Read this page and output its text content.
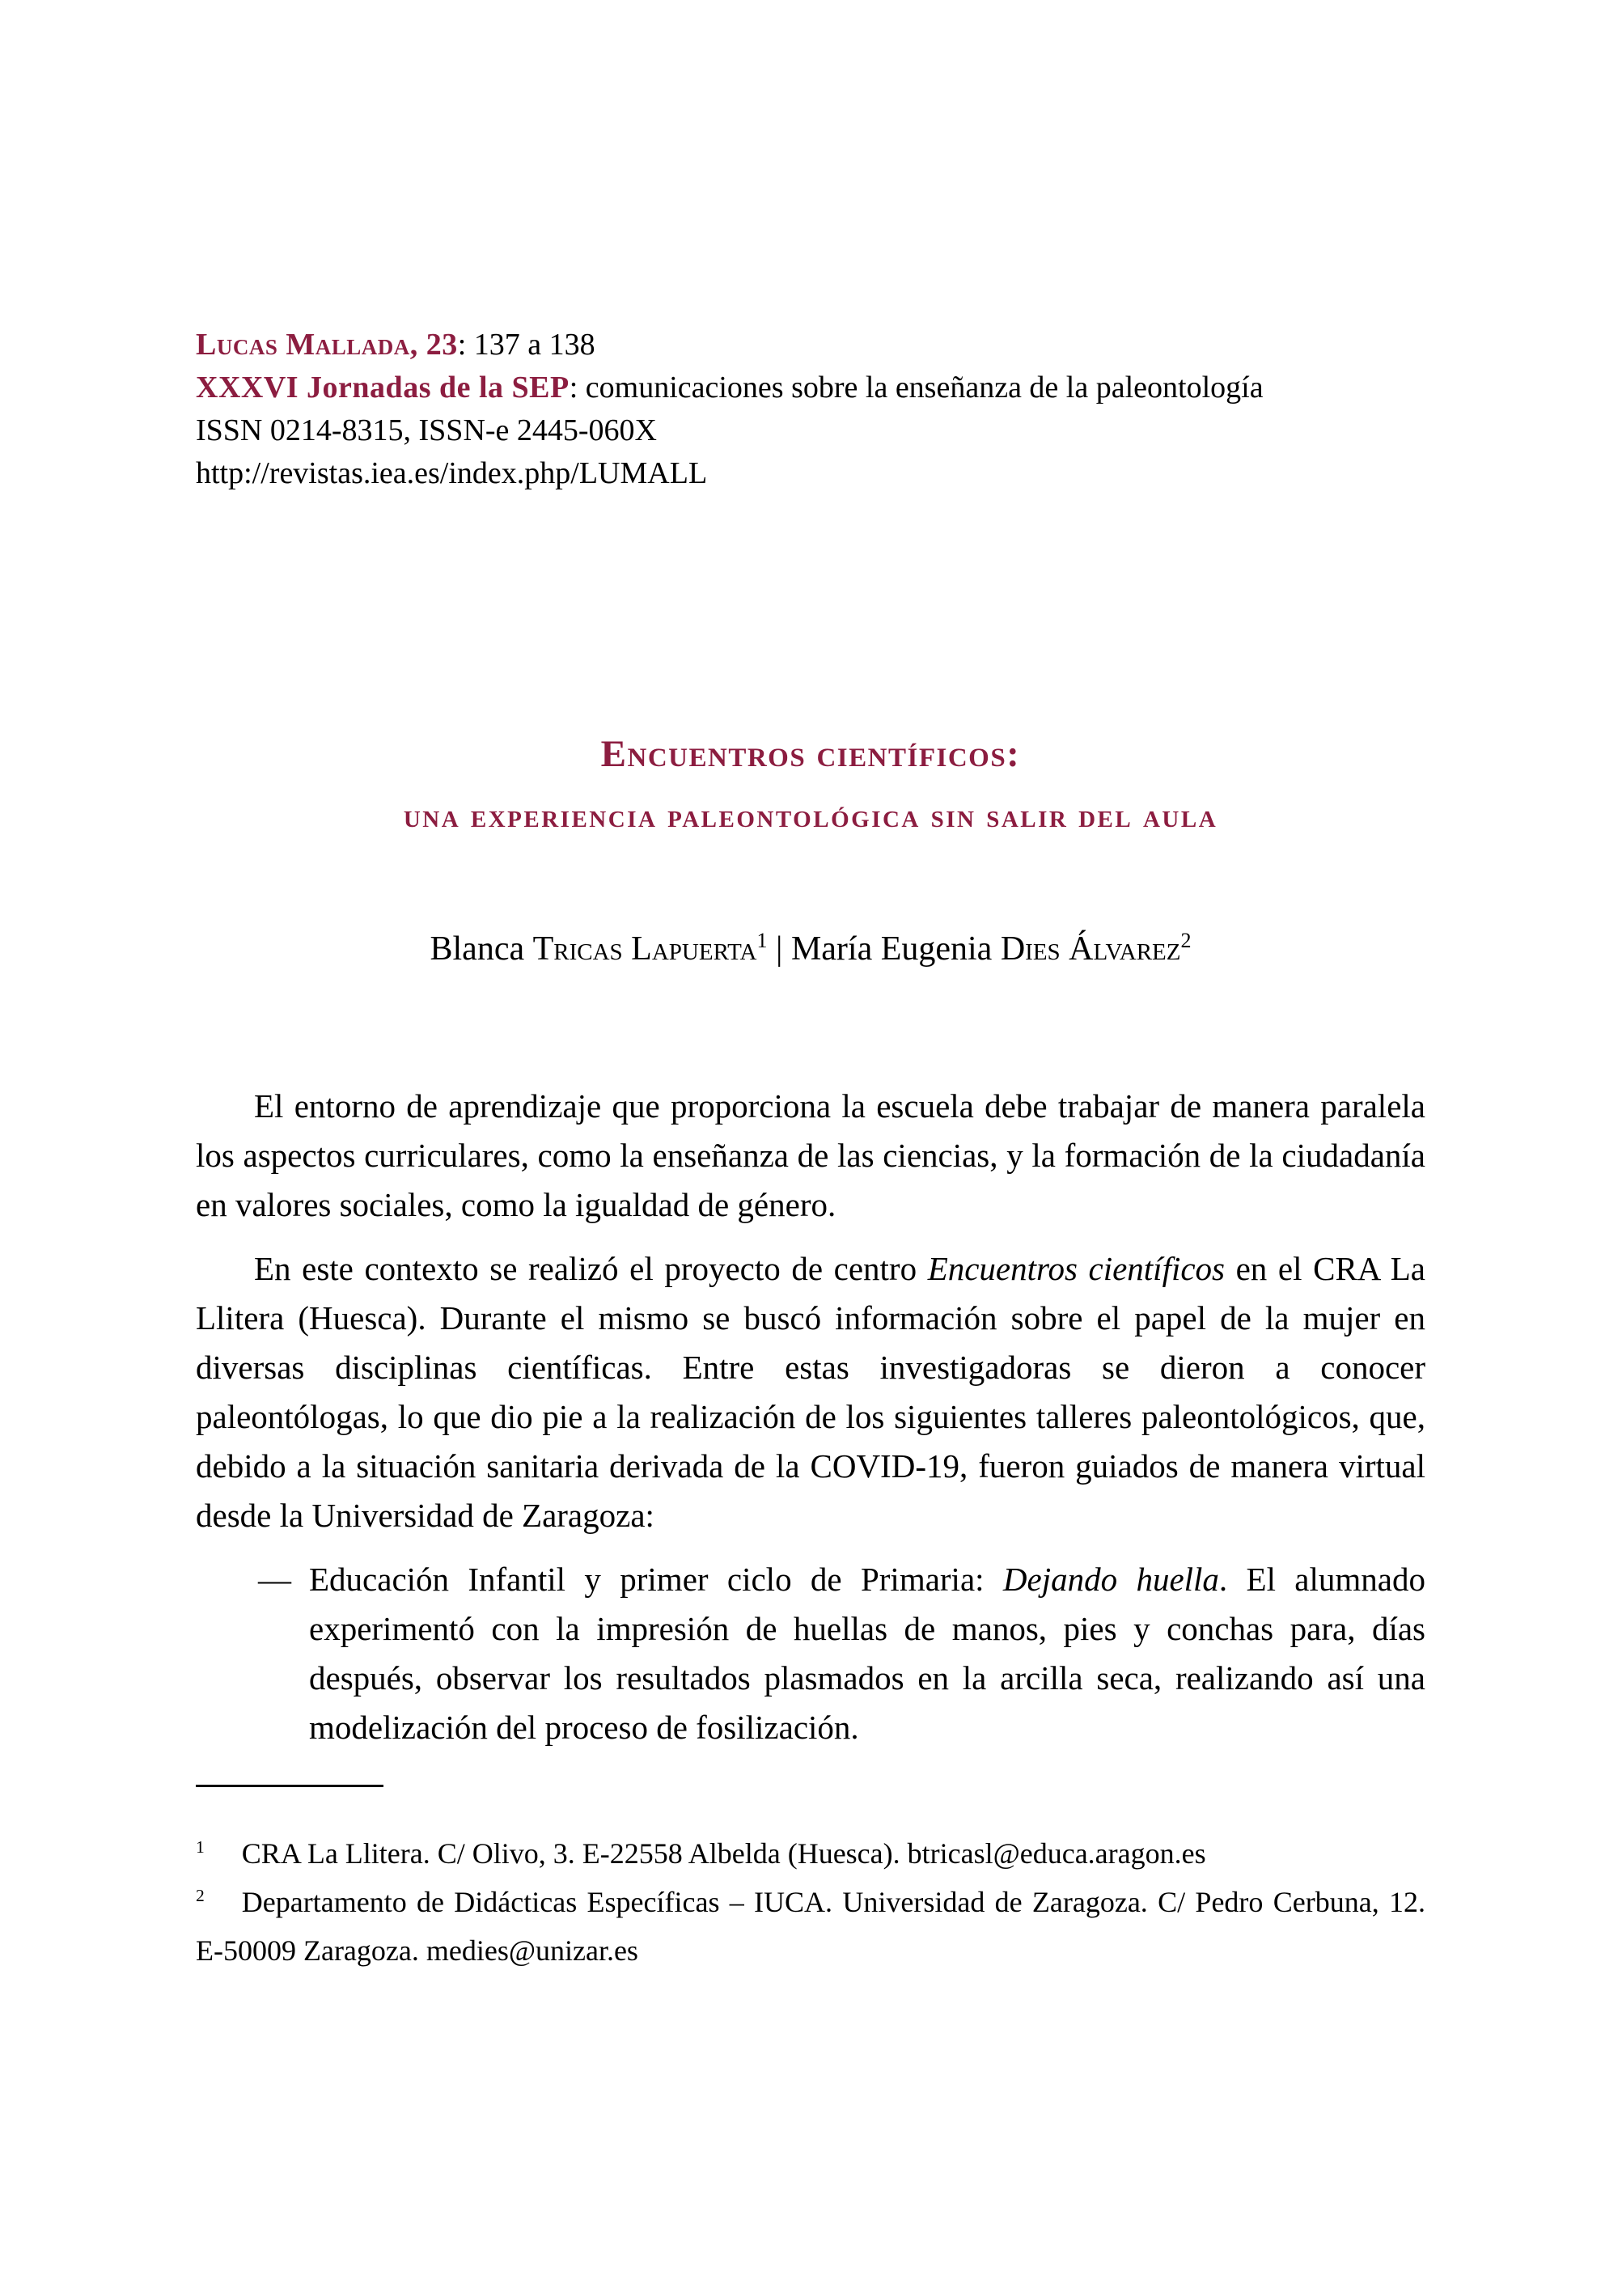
Lucas Mallada, 23: 137 a 138

XXXVI Jornadas de la SEP: comunicaciones sobre la enseñanza de la paleontología

ISSN 0214-8315, ISSN-e 2445-060X

http://revistas.iea.es/index.php/LUMALL

Encuentros científicos:
una experiencia paleontológica sin salir del aula

Blanca Tricas Lapuerta$^1$ | María Eugenia Dies Álvarez$^2$

El entorno de aprendizaje que proporciona la escuela debe trabajar de manera paralela los aspectos curriculares, como la enseñanza de las ciencias, y la formación de la ciudadanía en valores sociales, como la igualdad de género.

En este contexto se realizó el proyecto de centro Encuentros científicos en el CRA La Llitera (Huesca). Durante el mismo se buscó información sobre el papel de la mujer en diversas disciplinas científicas. Entre estas investigadoras se dieron a conocer paleontólogas, lo que dio pie a la realización de los siguientes talleres paleontológicos, que, debido a la situación sanitaria derivada de la COVID-19, fueron guiados de manera virtual desde la Universidad de Zaragoza:

— Educación Infantil y primer ciclo de Primaria: Dejando huella. El alumnado experimentó con la impresión de huellas de manos, pies y conchas para, días después, observar los resultados plasmados en la arcilla seca, realizando así una modelización del proceso de fosilización.

$^1$ CRA La Llitera. C/ Olivo, 3. E-22558 Albelda (Huesca). btricasl@educa.aragon.es

$^2$ Departamento de Didácticas Específicas – IUCA. Universidad de Zaragoza. C/ Pedro Cerbuna, 12. E-50009 Zaragoza. medies@unizar.es
